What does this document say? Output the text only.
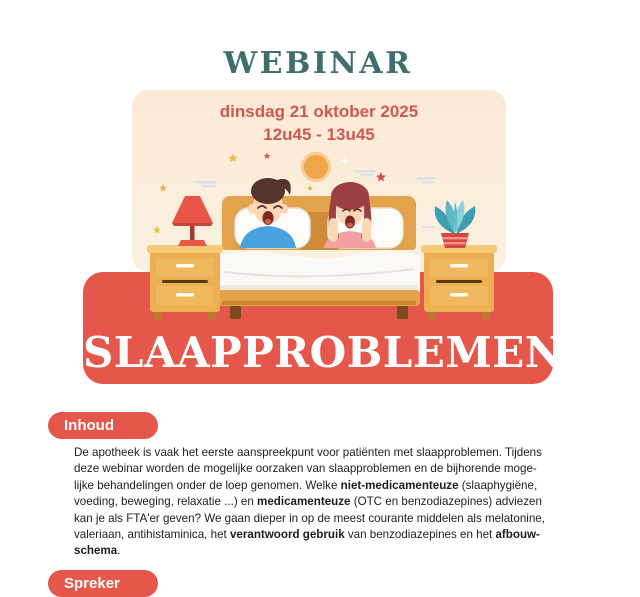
WEBINAR
dinsdag 21 oktober 2025
12u45 - 13u45
SLAAPPROBLEMEN
Inhoud
De apotheek is vaak het eerste aanspreekpunt voor patiënten met slaapproblemen. Tijdens
deze webinar worden de mogelijke oorzaken van slaapproblemen en de bijhorende moge-
lijke behandelingen onder de loep genomen. Welke niet-medicamenteuze (slaaphygiëne,
voeding, beweging, relaxatie ...) en medicamenteuze (OTC en benzodiazepines) adviezen
kan je als FTA'er geven? We gaan dieper in op de meest courante middelen als melatonine,
valeriaan, antihistaminica, het verantwoord gebruik van benzodiazepines en het afbouw-
schema.
Spreker
